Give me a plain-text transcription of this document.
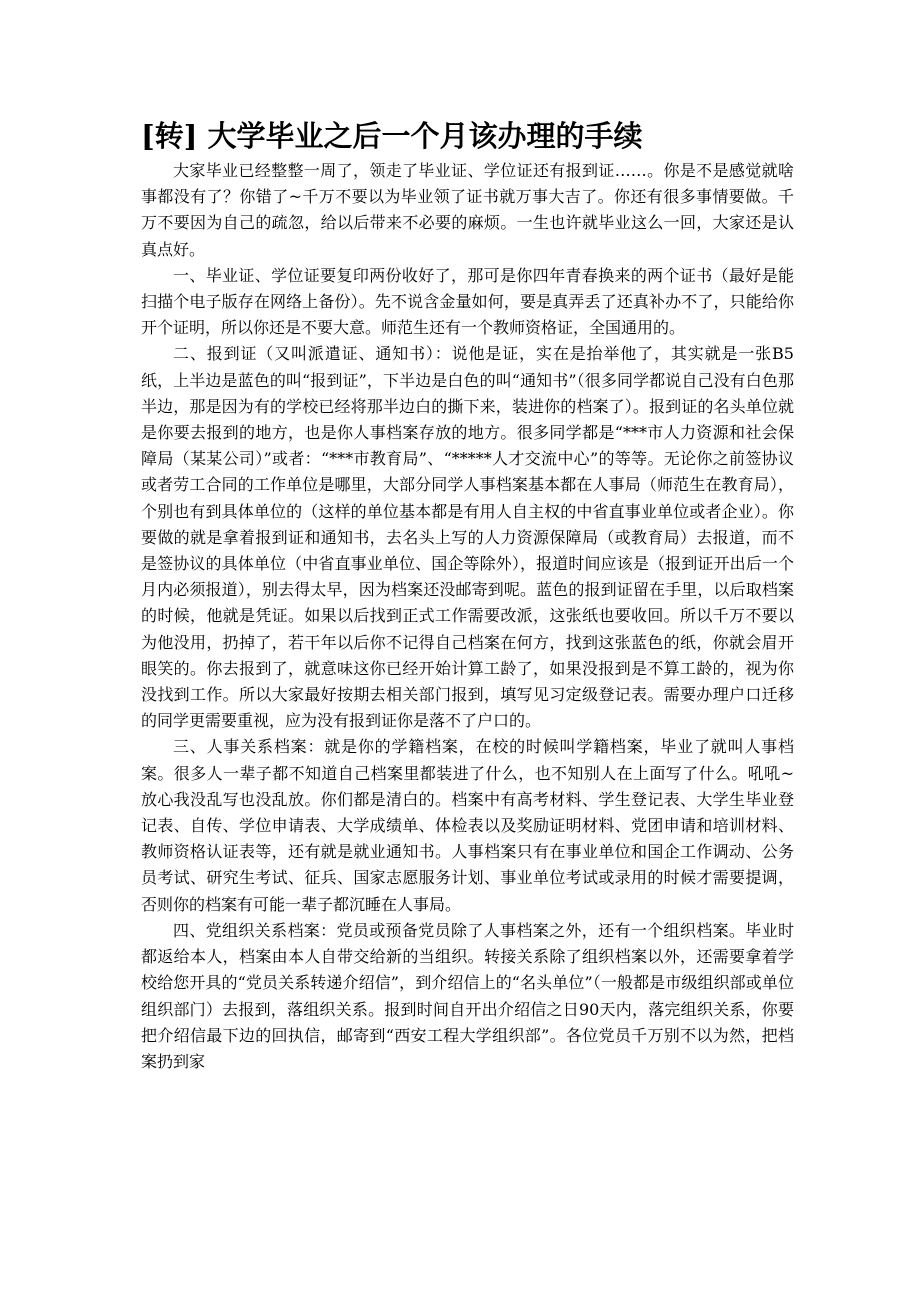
[转] 大学毕业之后一个月该办理的手续

大家毕业已经整整一周了，领走了毕业证、学位证还有报到证……。你是不是感觉就啥事都没有了？你错了~千万不要以为毕业领了证书就万事大吉了。你还有很多事情要做。千万不要因为自己的疏忽，给以后带来不必要的麻烦。一生也许就毕业这么一回，大家还是认真点好。

一、毕业证、学位证要复印两份收好了，那可是你四年青春换来的两个证书（最好是能扫描个电子版存在网络上备份）。先不说含金量如何，要是真弄丢了还真补办不了，只能给你开个证明，所以你还是不要大意。师范生还有一个教师资格证，全国通用的。

二、报到证（又叫派遣证、通知书）：说他是证，实在是抬举他了，其实就是一张B5纸，上半边是蓝色的叫“报到证”，下半边是白色的叫“通知书”（很多同学都说自己没有白色那半边，那是因为有的学校已经将那半边白的撕下来，装进你的档案了）。报到证的名头单位就是你要去报到的地方，也是你人事档案存放的地方。很多同学都是“***市人力资源和社会保障局（某某公司）”或者：“***市教育局”、“*****人才交流中心”的等等。无论你之前签协议或者劳工合同的工作单位是哪里，大部分同学人事档案基本都在人事局（师范生在教育局），个别也有到具体单位的（这样的单位基本都是有用人自主权的中省直事业单位或者企业）。你要做的就是拿着报到证和通知书，去名头上写的人力资源保障局（或教育局）去报道，而不是签协议的具体单位（中省直事业单位、国企等除外），报道时间应该是（报到证开出后一个月内必须报道），别去得太早，因为档案还没邮寄到呢。蓝色的报到证留在手里，以后取档案的时候，他就是凭证。如果以后找到正式工作需要改派，这张纸也要收回。所以千万不要以为他没用，扔掉了，若干年以后你不记得自己档案在何方，找到这张蓝色的纸，你就会眉开眼笑的。你去报到了，就意味这你已经开始计算工龄了，如果没报到是不算工龄的，视为你没找到工作。所以大家最好按期去相关部门报到，填写见习定级登记表。需要办理户口迁移的同学更需要重视，应为没有报到证你是落不了户口的。

三、人事关系档案：就是你的学籍档案，在校的时候叫学籍档案，毕业了就叫人事档案。很多人一辈子都不知道自己档案里都装进了什么，也不知别人在上面写了什么。吼吼~放心我没乱写也没乱放。你们都是清白的。档案中有高考材料、学生登记表、大学生毕业登记表、自传、学位申请表、大学成绩单、体检表以及奖励证明材料、党团申请和培训材料、教师资格认证表等，还有就是就业通知书。人事档案只有在事业单位和国企工作调动、公务员考试、研究生考试、征兵、国家志愿服务计划、事业单位考试或录用的时候才需要提调，否则你的档案有可能一辈子都沉睡在人事局。

四、党组织关系档案：党员或预备党员除了人事档案之外，还有一个组织档案。毕业时都返给本人，档案由本人自带交给新的当组织。转接关系除了组织档案以外，还需要拿着学校给您开具的“党员关系转递介绍信”，到介绍信上的“名头单位”（一般都是市级组织部或单位组织部门）去报到，落组织关系。报到时间自开出介绍信之日90天内，落完组织关系，你要把介绍信最下边的回执信，邮寄到“西安工程大学组织部”。各位党员千万别不以为然，把档案扔到家
